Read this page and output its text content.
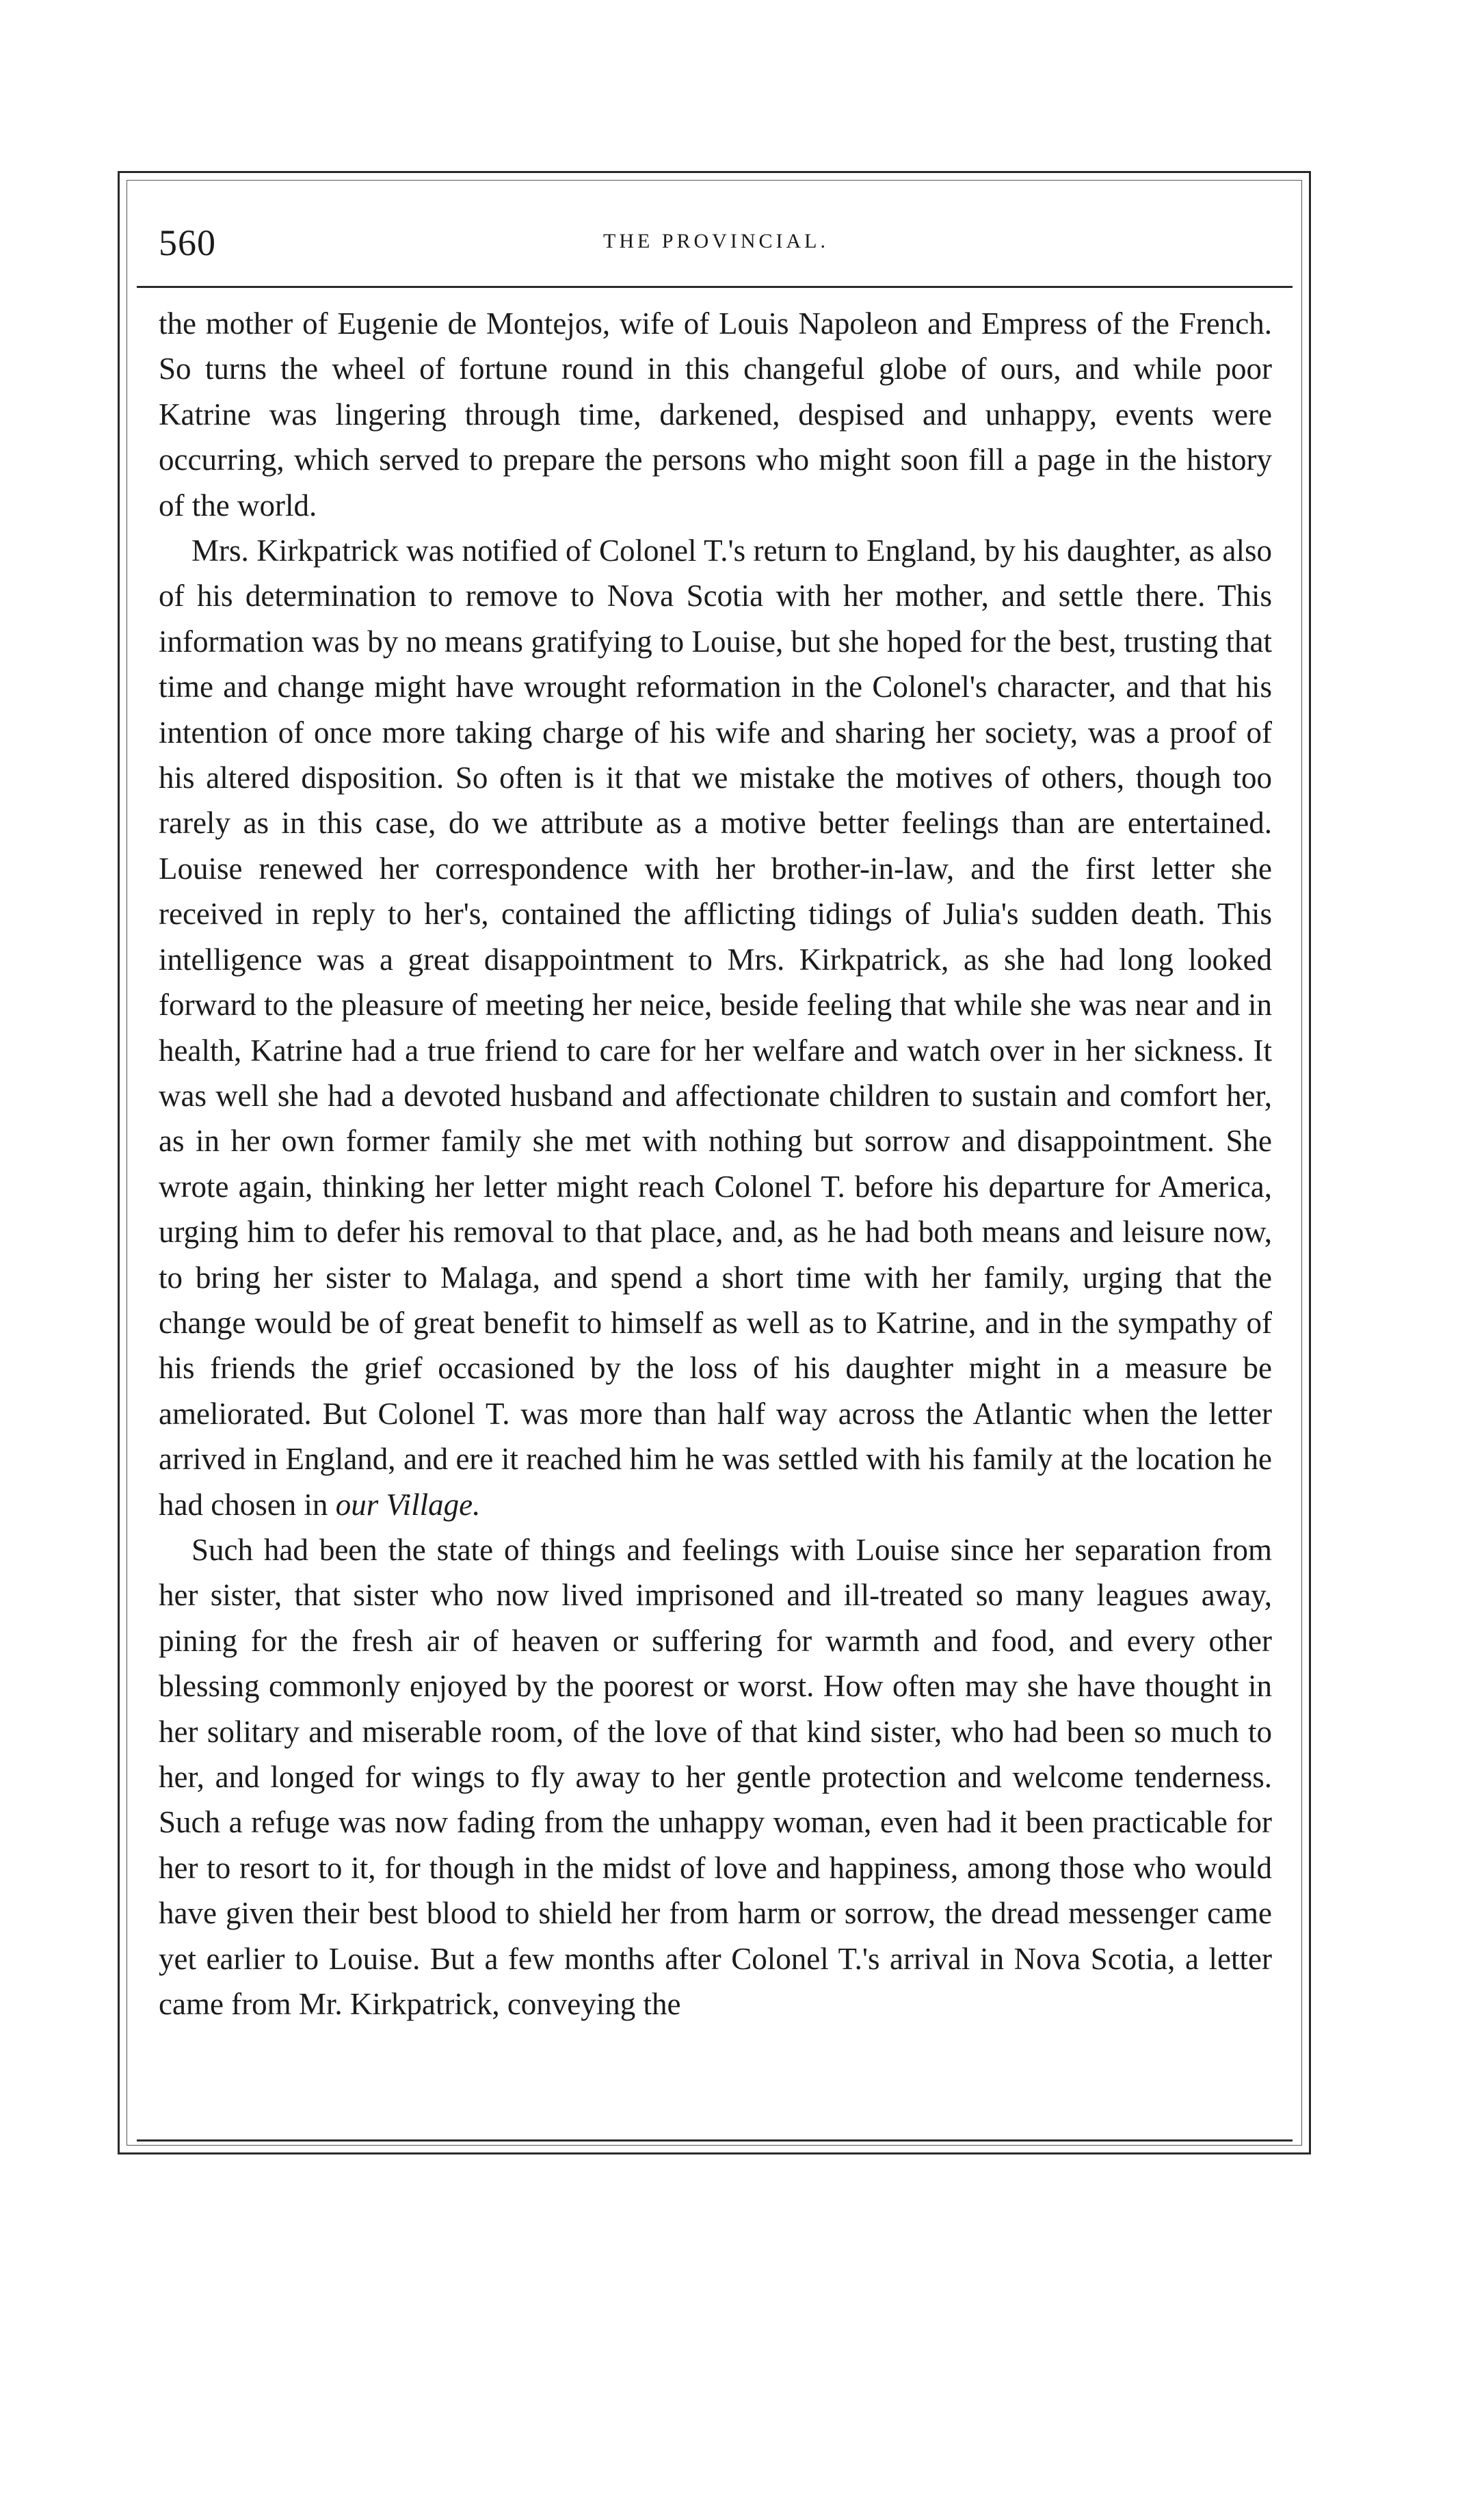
560	THE PROVINCIAL.

the mother of Eugenie de Montejos, wife of Louis Napoleon and Empress of the French. So turns the wheel of fortune round in this changeful globe of ours, and while poor Katrine was lingering through time, darkened, despised and unhappy, events were occurring, which served to prepare the persons who might soon fill a page in the history of the world.

Mrs. Kirkpatrick was notified of Colonel T.'s return to England, by his daughter, as also of his determination to remove to Nova Scotia with her mother, and settle there. This information was by no means gratifying to Louise, but she hoped for the best, trusting that time and change might have wrought reformation in the Colonel's character, and that his intention of once more taking charge of his wife and sharing her society, was a proof of his altered disposition. So often is it that we mistake the motives of others, though too rarely as in this case, do we attribute as a motive better feelings than are entertained. Louise renewed her correspondence with her brother-in-law, and the first letter she received in reply to her's, contained the afflicting tidings of Julia's sudden death. This intelligence was a great disappointment to Mrs. Kirkpatrick, as she had long looked forward to the pleasure of meeting her neice, beside feeling that while she was near and in health, Katrine had a true friend to care for her welfare and watch over in her sickness. It was well she had a devoted husband and affectionate children to sustain and comfort her, as in her own former family she met with nothing but sorrow and disappointment. She wrote again, thinking her letter might reach Colonel T. before his departure for America, urging him to defer his removal to that place, and, as he had both means and leisure now, to bring her sister to Malaga, and spend a short time with her family, urging that the change would be of great benefit to himself as well as to Katrine, and in the sympathy of his friends the grief occasioned by the loss of his daughter might in a measure be ameliorated. But Colonel T. was more than half way across the Atlantic when the letter arrived in England, and ere it reached him he was settled with his family at the location he had chosen in our Village.

Such had been the state of things and feelings with Louise since her separation from her sister, that sister who now lived imprisoned and ill-treated so many leagues away, pining for the fresh air of heaven or suffering for warmth and food, and every other blessing commonly enjoyed by the poorest or worst. How often may she have thought in her solitary and miserable room, of the love of that kind sister, who had been so much to her, and longed for wings to fly away to her gentle protection and welcome tenderness. Such a refuge was now fading from the unhappy woman, even had it been practicable for her to resort to it, for though in the midst of love and happiness, among those who would have given their best blood to shield her from harm or sorrow, the dread messenger came yet earlier to Louise. But a few months after Colonel T.'s arrival in Nova Scotia, a letter came from Mr. Kirkpatrick, conveying the
